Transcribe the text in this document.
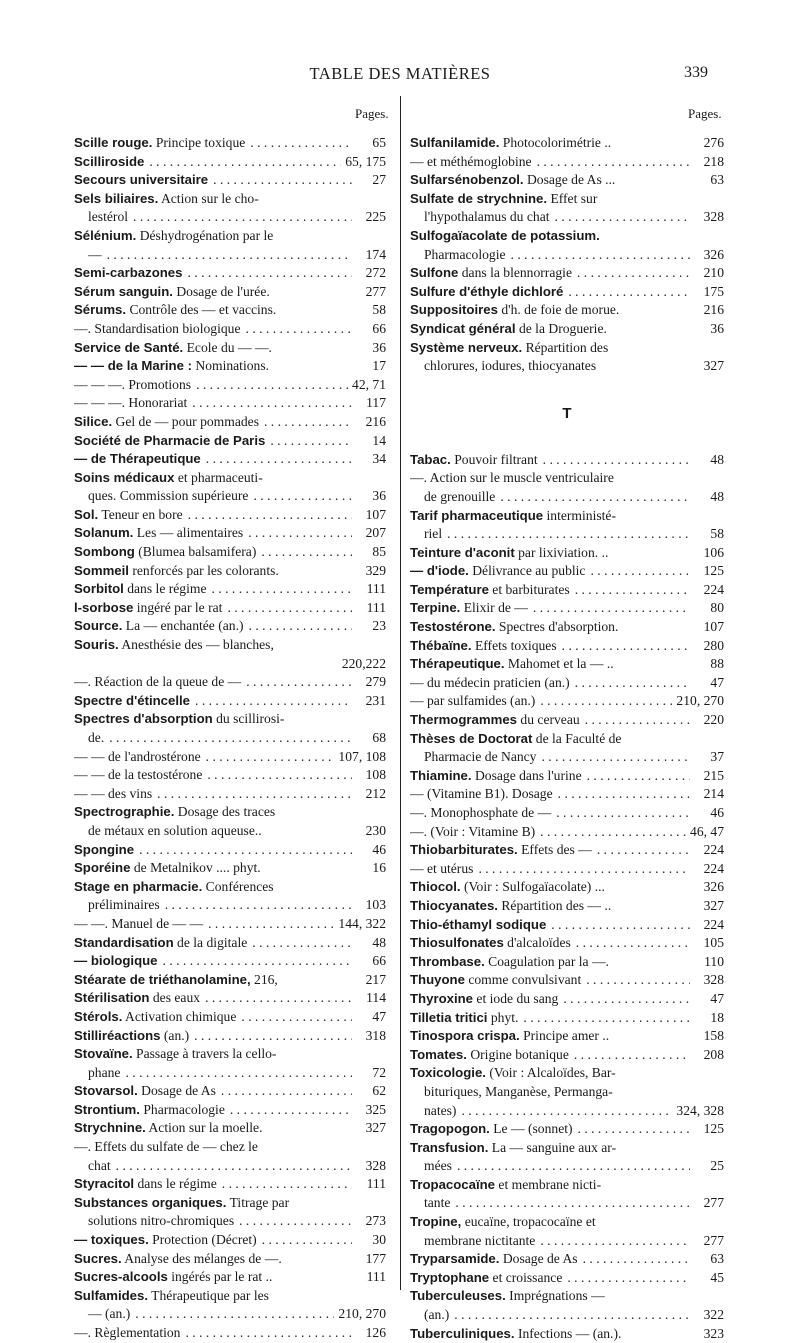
TABLE DES MATIÈRES	339
Pages.	Pages.
Scille rouge. Principe toxique . . .	65
Scilliroside . . .	65, 175
Secours universitaire . . .	27
Sels biliaires. Action sur le cho-
lestérol . . .	225
Sélénium. Déshydrogénation par le
— . . .	174
Semi-carbazones . . .	272
Sérum sanguin. Dosage de l'urée.	277
Sérums. Contrôle des — et vaccins.	58
—. Standardisation biologique . . .	66
Service de Santé. Ecole du — —.	36
— — de la Marine : Nominations.	17
— — —. Promotions . . .	42, 71
— — —. Honorariat . . .	117
Silice. Gel de — pour pommades . . .	216
Société de Pharmacie de Paris . . .	14
— de Thérapeutique . . .	34
Soins médicaux et pharmaceuti-
ques. Commission supérieure . . .	36
Sol. Teneur en bore . . .	107
Solanum. Les — alimentaires . . .	207
Sombong (Blumea balsamifera) . . .	85
Sommeil renforcés par les colorants.	329
Sorbitol dans le régime . . .	111
l-sorbose ingéré par le rat . . .	111
Source. La — enchantée (an.) . . .	23
Souris. Anesthésie des — blanches,
220,222
—. Réaction de la queue de — . . .	279
Spectre d'étincelle . . .	231
Spectres d'absorption du scillirosi-
de. . . .	68
— — de l'androstérone . . .	107, 108
— — de la testostérone . . .	108
— — des vins . . .	212
Spectrographie. Dosage des traces
de métaux en solution aqueuse..	230
Spongine . . .	46
Sporéine de Metalnikov .... phyt.	16
Stage en pharmacie. Conférences
préliminaires . . .	103
— —. Manuel de — — . . .	144, 322
Standardisation de la digitale . . .	48
— biologique . . .	66
Stéarate de triéthanolamine, 216,	217
Stérilisation des eaux . . .	114
Stérols. Activation chimique . . .	47
Stilliréactions (an.) . . .	318
Stovaïne. Passage à travers la cello-
phane . . .	72
Stovarsol. Dosage de As . . .	62
Strontium. Pharmacologie . . .	325
Strychnine. Action sur la moelle.	327
—. Effets du sulfate de — chez le
chat . . .	328
Styracitol dans le régime . . .	111
Substances organiques. Titrage par
solutions nitro-chromiques . . .	273
— toxiques. Protection (Décret) . . .	30
Sucres. Analyse des mélanges de —.	177
Sucres-alcools ingérés par le rat ..	111
Sulfamides. Thérapeutique par les
— (an.) . . .	210, 270
—. Règlementation . . .	126
Sulfanilamide. Photocolorimétrie ..	276
— et méthémoglobine . . .	218
Sulfarsénobenzol. Dosage de As ...	63
Sulfate de strychnine. Effet sur
l'hypothalamus du chat . . .	328
Sulfogaïacolate de potassium.
Pharmacologie . . .	326
Sulfone dans la blennorragie . . .	210
Sulfure d'éthyle dichloré . . .	175
Suppositoires d'h. de foie de morue.	216
Syndicat général de la Droguerie.	36
Système nerveux. Répartition des
chlorures, iodures, thiocyanates	327
T
Tabac. Pouvoir filtrant . . .	48
—. Action sur le muscle ventriculaire
de grenouille . . .	48
Tarif pharmaceutique interministé-
riel . . .	58
Teinture d'aconit par lixiviation. ..	106
— d'iode. Délivrance au public . . .	125
Température et barbiturates . . .	224
Terpine. Elixir de — . . .	80
Testostérone. Spectres d'absorption.	107
Thébaïne. Effets toxiques . . .	280
Thérapeutique. Mahomet et la — ..	88
— du médecin praticien (an.) . . .	47
— par sulfamides (an.) . . .	210, 270
Thermogrammes du cerveau . . .	220
Thèses de Doctorat de la Faculté de
Pharmacie de Nancy . . .	37
Thiamine. Dosage dans l'urine . . .	215
— (Vitamine B1). Dosage . . .	214
—. Monophosphate de — . . .	46
—. (Voir : Vitamine B) . . .	46, 47
Thiobarbiturates. Effets des — . . .	224
— et utérus . . .	224
Thiocol. (Voir : Sulfogaïacolate) ...	326
Thiocyanates. Répartition des — ..	327
Thio-éthamyl sodique . . .	224
Thiosulfonates d'alcaloïdes . . .	105
Thrombase. Coagulation par la —.	110
Thuyone comme convulsivant . . .	328
Thyroxine et iode du sang . . .	47
Tilletia tritici phyt. . . .	18
Tinospora crispa. Principe amer ..	158
Tomates. Origine botanique . . .	208
Toxicologie. (Voir : Alcaloïdes, Bar-
bituriques, Manganèse, Permanga-
nates) . . .	324, 328
Tragopogon. Le — (sonnet) . . .	125
Transfusion. La — sanguine aux ar-
mées . . .	25
Tropacocaïne et membrane nicti-
tante . . .	277
Tropine, eucaïne, tropacocaïne et
membrane nictitante . . .	277
Tryparsamide. Dosage de As . . .	63
Tryptophane et croissance . . .	45
Tuberculeuses. Imprégnations —
(an.) . . .	322
Tuberculiniques. Infections — (an.).	323
